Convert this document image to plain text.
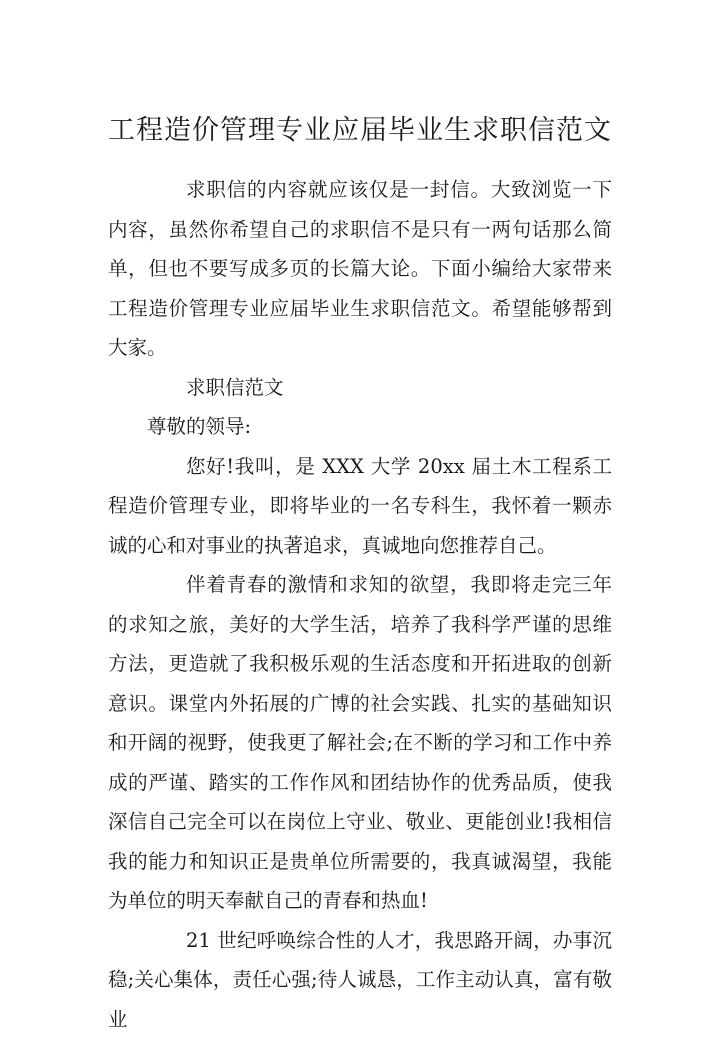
工程造价管理专业应届毕业生求职信范文

求职信的内容就应该仅是一封信。大致浏览一下内容，虽然你希望自己的求职信不是只有一两句话那么简单，但也不要写成多页的长篇大论。下面小编给大家带来工程造价管理专业应届毕业生求职信范文。希望能够帮到大家。

求职信范文

尊敬的领导:

您好!我叫，是 XXX 大学 20xx 届土木工程系工程造价管理专业，即将毕业的一名专科生，我怀着一颗赤诚的心和对事业的执著追求，真诚地向您推荐自己。

伴着青春的激情和求知的欲望，我即将走完三年的求知之旅，美好的大学生活，培养了我科学严谨的思维方法，更造就了我积极乐观的生活态度和开拓进取的创新意识。课堂内外拓展的广博的社会实践、扎实的基础知识和开阔的视野，使我更了解社会;在不断的学习和工作中养成的严谨、踏实的工作作风和团结协作的优秀品质，使我深信自己完全可以在岗位上守业、敬业、更能创业!我相信我的能力和知识正是贵单位所需要的，我真诚渴望，我能为单位的明天奉献自己的青春和热血!

21 世纪呼唤综合性的人才，我思路开阔，办事沉稳;关心集体，责任心强;待人诚恳，工作主动认真，富有敬业
